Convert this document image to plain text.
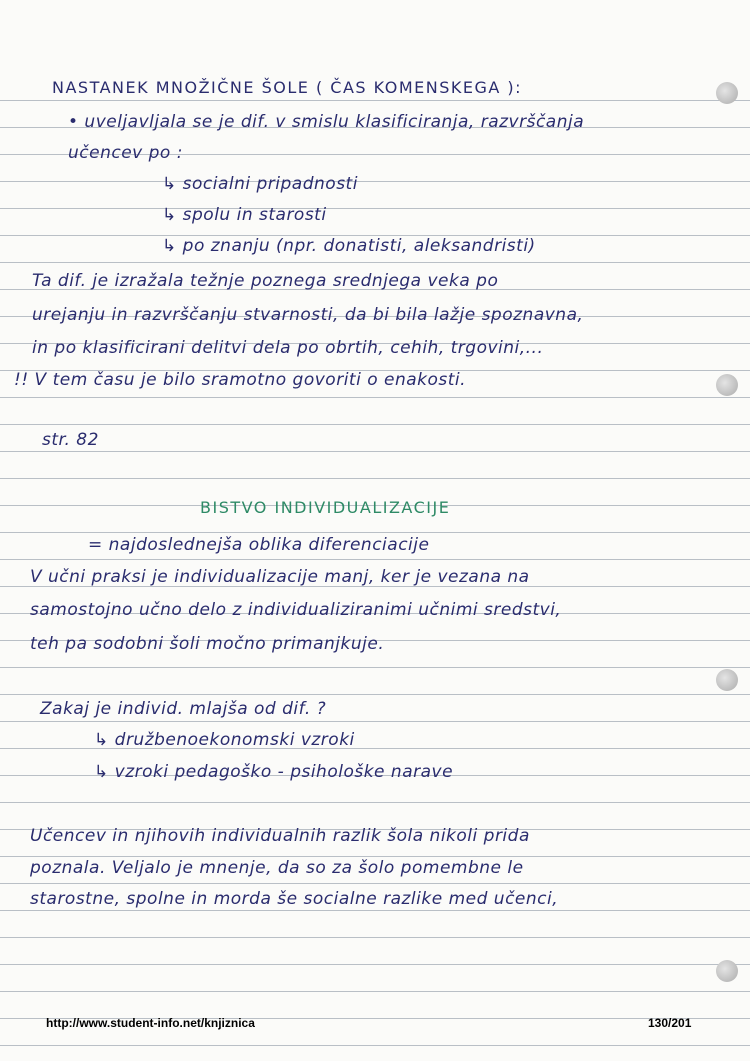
NASTANEK MNOŽIČNE ŠOLE ( ČAS KOMENSKEGA ):

• uveljavljala se je dif. v smislu klasificiranja, razvrščanja

učencev po :

↳ socialni pripadnosti

↳ spolu in starosti

↳ po znanju (npr. donatisti, aleksandristi)

Ta dif. je izražala težnje poznega srednjega veka po

urejanju in razvrščanju stvarnosti, da bi bila lažje spoznavna,

in po klasificirani delitvi dela po obrtih, cehih, trgovini,...

!! V tem času je bilo sramotno govoriti o enakosti.

str. 82

BISTVO INDIVIDUALIZACIJE

= najdoslednejša oblika diferenciacije

V učni praksi je individualizacije manj, ker je vezana na

samostojno učno delo z individualiziranimi učnimi sredstvi,

teh pa sodobni šoli močno primanjkuje.

Zakaj je individ. mlajša od dif. ?

↳ družbenoekonomski vzroki

↳ vzroki pedagoško - psihološke narave

Učencev in njihovih individualnih razlik šola nikoli prida

poznala. Veljalo je mnenje, da so za šolo pomembne le

starostne, spolne in morda še socialne razlike med učenci,

http://www.student-info.net/knjiznica	130/201
